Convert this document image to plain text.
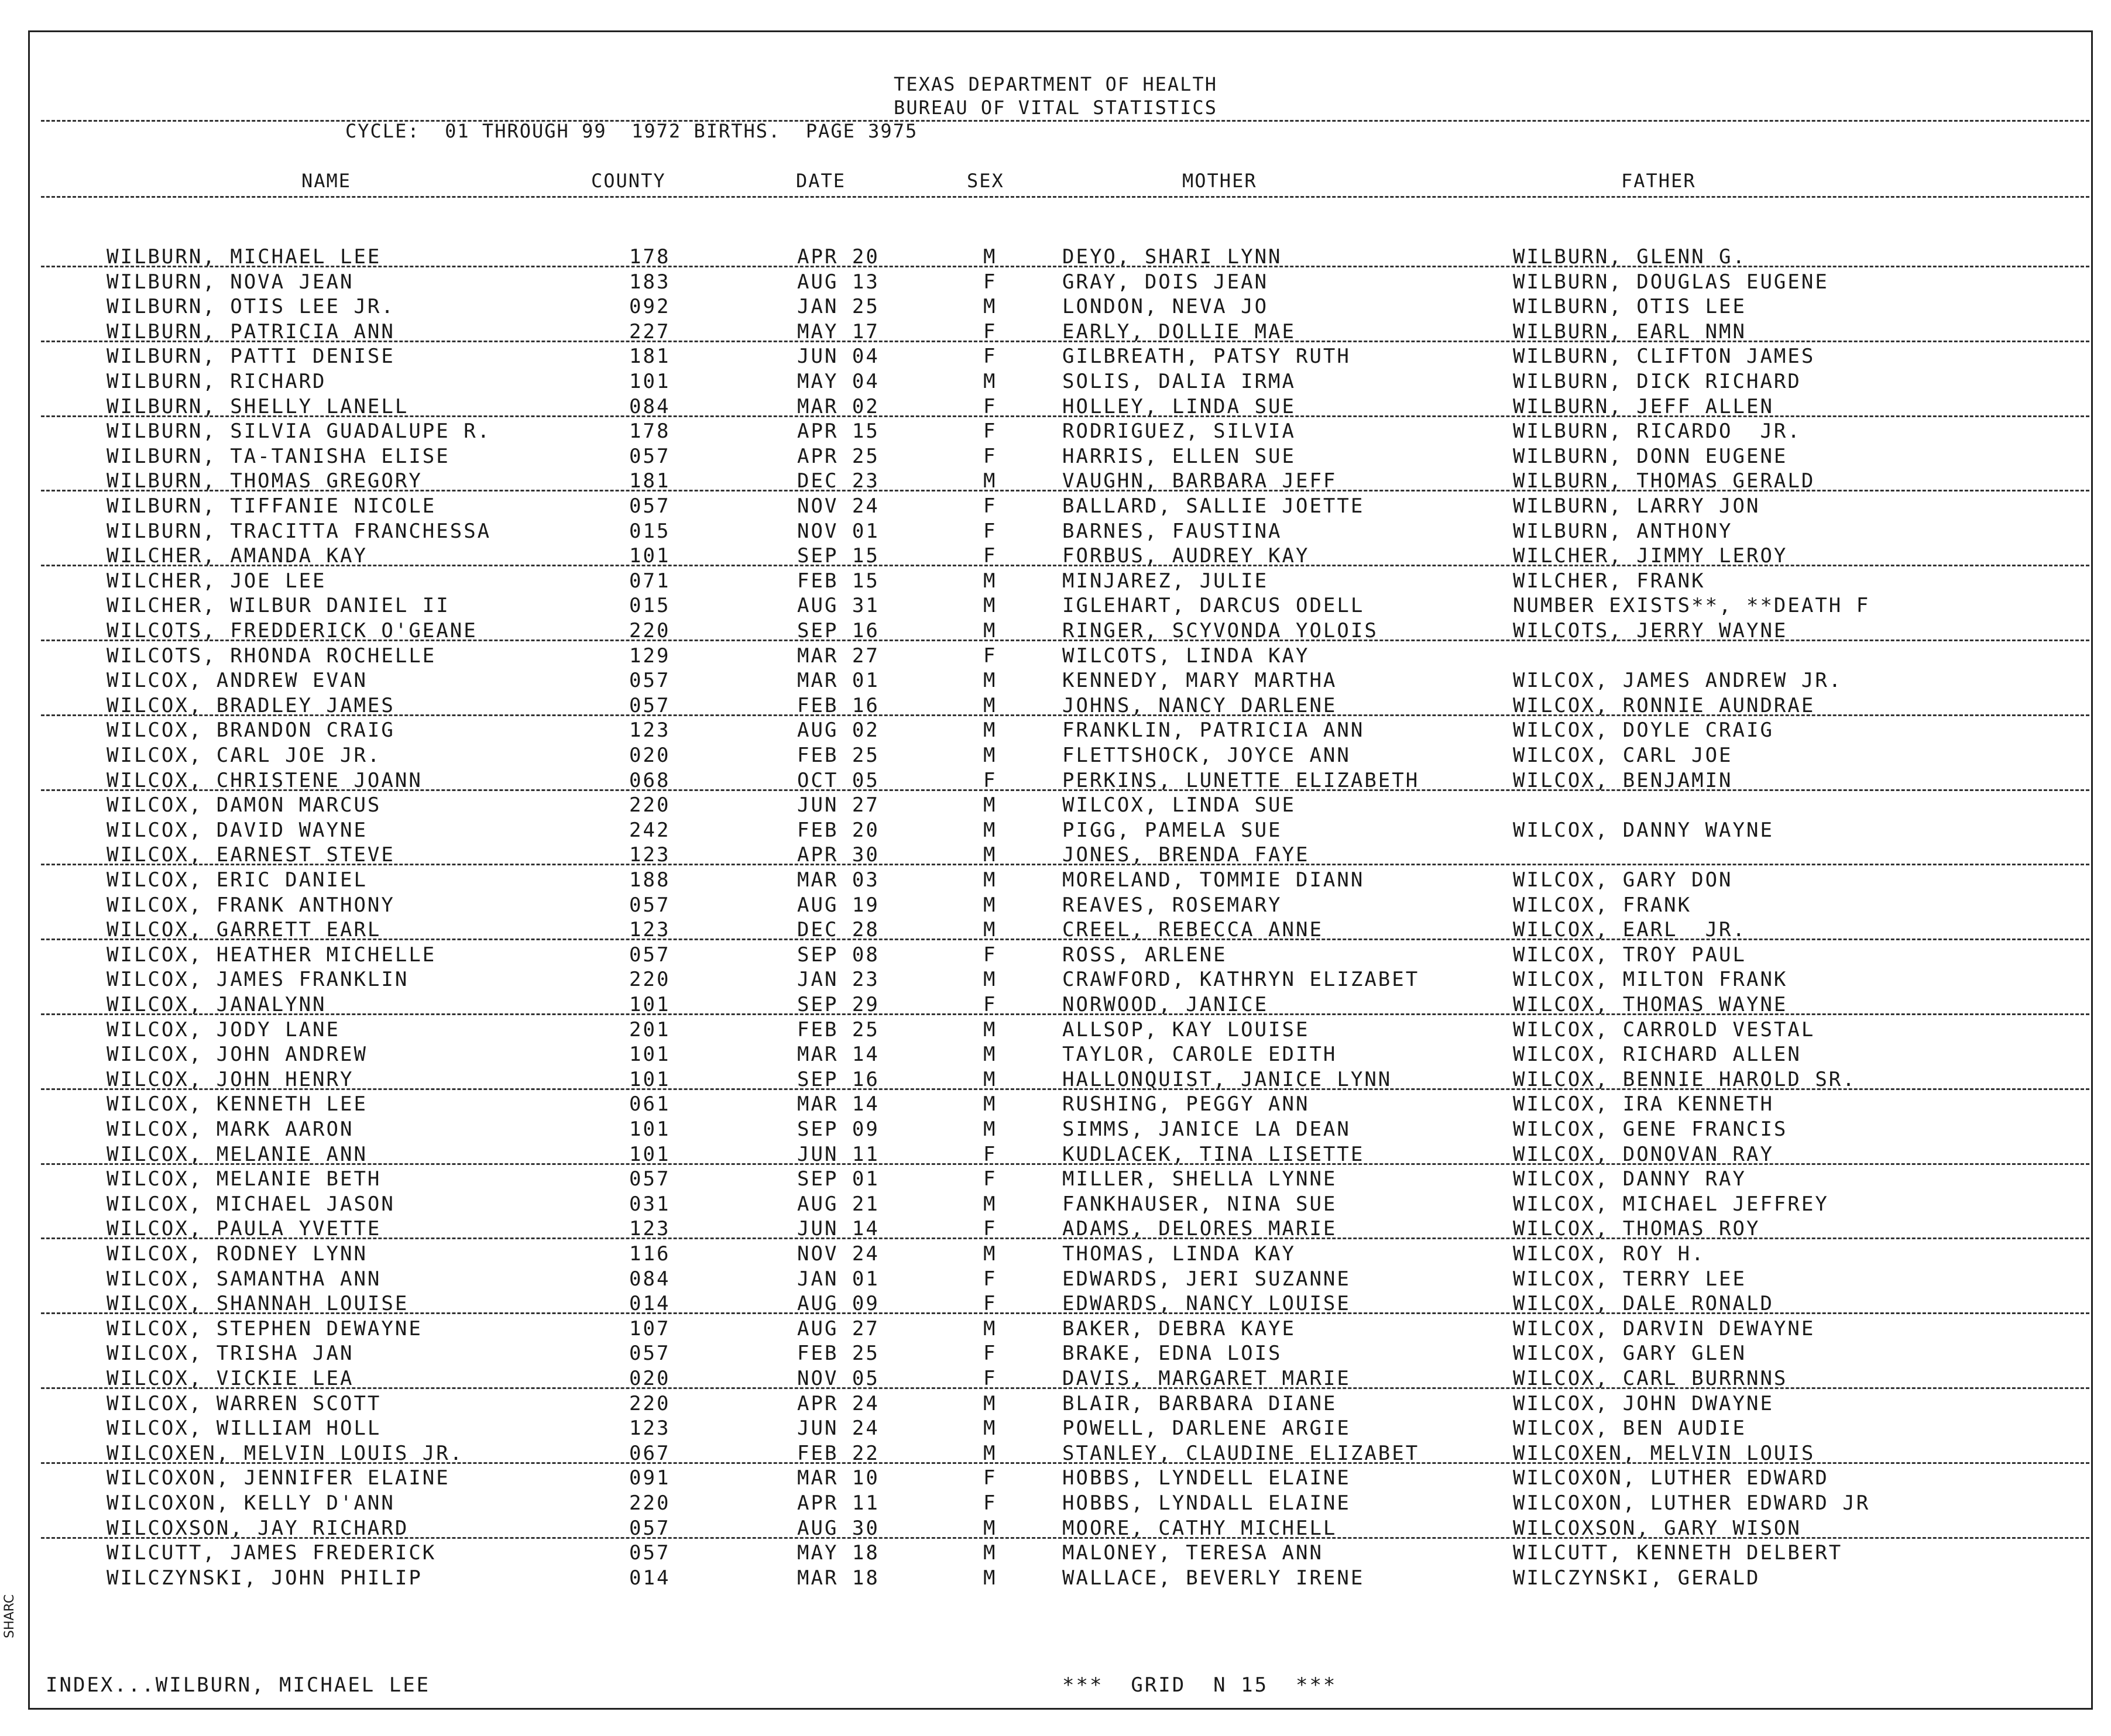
TEXAS DEPARTMENT OF HEALTH
BUREAU OF VITAL STATISTICS
CYCLE:  01 THROUGH 99  1972 BIRTHS.  PAGE 3975
NAME	COUNTY	DATE	SEX	MOTHER	FATHER
WILBURN, MICHAEL LEE	178	APR 20	M	DEYO, SHARI LYNN	WILBURN, GLENN G.
WILBURN, NOVA JEAN	183	AUG 13	F	GRAY, DOIS JEAN	WILBURN, DOUGLAS EUGENE
WILBURN, OTIS LEE JR.	092	JAN 25	M	LONDON, NEVA JO	WILBURN, OTIS LEE
WILBURN, PATRICIA ANN	227	MAY 17	F	EARLY, DOLLIE MAE	WILBURN, EARL NMN
WILBURN, PATTI DENISE	181	JUN 04	F	GILBREATH, PATSY RUTH	WILBURN, CLIFTON JAMES
WILBURN, RICHARD	101	MAY 04	M	SOLIS, DALIA IRMA	WILBURN, DICK RICHARD
WILBURN, SHELLY LANELL	084	MAR 02	F	HOLLEY, LINDA SUE	WILBURN, JEFF ALLEN
WILBURN, SILVIA GUADALUPE R.	178	APR 15	F	RODRIGUEZ, SILVIA	WILBURN, RICARDO  JR.
WILBURN, TA-TANISHA ELISE	057	APR 25	F	HARRIS, ELLEN SUE	WILBURN, DONN EUGENE
WILBURN, THOMAS GREGORY	181	DEC 23	M	VAUGHN, BARBARA JEFF	WILBURN, THOMAS GERALD
WILBURN, TIFFANIE NICOLE	057	NOV 24	F	BALLARD, SALLIE JOETTE	WILBURN, LARRY JON
WILBURN, TRACITTA FRANCHESSA	015	NOV 01	F	BARNES, FAUSTINA	WILBURN, ANTHONY
WILCHER, AMANDA KAY	101	SEP 15	F	FORBUS, AUDREY KAY	WILCHER, JIMMY LEROY
WILCHER, JOE LEE	071	FEB 15	M	MINJAREZ, JULIE	WILCHER, FRANK
WILCHER, WILBUR DANIEL II	015	AUG 31	M	IGLEHART, DARCUS ODELL	NUMBER EXISTS**, **DEATH F
WILCOTS, FREDDERICK O'GEANE	220	SEP 16	M	RINGER, SCYVONDA YOLOIS	WILCOTS, JERRY WAYNE
WILCOTS, RHONDA ROCHELLE	129	MAR 27	F	WILCOTS, LINDA KAY
WILCOX, ANDREW EVAN	057	MAR 01	M	KENNEDY, MARY MARTHA	WILCOX, JAMES ANDREW JR.
WILCOX, BRADLEY JAMES	057	FEB 16	M	JOHNS, NANCY DARLENE	WILCOX, RONNIE AUNDRAE
WILCOX, BRANDON CRAIG	123	AUG 02	M	FRANKLIN, PATRICIA ANN	WILCOX, DOYLE CRAIG
WILCOX, CARL JOE JR.	020	FEB 25	M	FLETTSHOCK, JOYCE ANN	WILCOX, CARL JOE
WILCOX, CHRISTENE JOANN	068	OCT 05	F	PERKINS, LUNETTE ELIZABETH	WILCOX, BENJAMIN
WILCOX, DAMON MARCUS	220	JUN 27	M	WILCOX, LINDA SUE
WILCOX, DAVID WAYNE	242	FEB 20	M	PIGG, PAMELA SUE	WILCOX, DANNY WAYNE
WILCOX, EARNEST STEVE	123	APR 30	M	JONES, BRENDA FAYE
WILCOX, ERIC DANIEL	188	MAR 03	M	MORELAND, TOMMIE DIANN	WILCOX, GARY DON
WILCOX, FRANK ANTHONY	057	AUG 19	M	REAVES, ROSEMARY	WILCOX, FRANK
WILCOX, GARRETT EARL	123	DEC 28	M	CREEL, REBECCA ANNE	WILCOX, EARL  JR.
WILCOX, HEATHER MICHELLE	057	SEP 08	F	ROSS, ARLENE	WILCOX, TROY PAUL
WILCOX, JAMES FRANKLIN	220	JAN 23	M	CRAWFORD, KATHRYN ELIZABET	WILCOX, MILTON FRANK
WILCOX, JANALYNN	101	SEP 29	F	NORWOOD, JANICE	WILCOX, THOMAS WAYNE
WILCOX, JODY LANE	201	FEB 25	M	ALLSOP, KAY LOUISE	WILCOX, CARROLD VESTAL
WILCOX, JOHN ANDREW	101	MAR 14	M	TAYLOR, CAROLE EDITH	WILCOX, RICHARD ALLEN
WILCOX, JOHN HENRY	101	SEP 16	M	HALLONQUIST, JANICE LYNN	WILCOX, BENNIE HAROLD SR.
WILCOX, KENNETH LEE	061	MAR 14	M	RUSHING, PEGGY ANN	WILCOX, IRA KENNETH
WILCOX, MARK AARON	101	SEP 09	M	SIMMS, JANICE LA DEAN	WILCOX, GENE FRANCIS
WILCOX, MELANIE ANN	101	JUN 11	F	KUDLACEK, TINA LISETTE	WILCOX, DONOVAN RAY
WILCOX, MELANIE BETH	057	SEP 01	F	MILLER, SHELLA LYNNE	WILCOX, DANNY RAY
WILCOX, MICHAEL JASON	031	AUG 21	M	FANKHAUSER, NINA SUE	WILCOX, MICHAEL JEFFREY
WILCOX, PAULA YVETTE	123	JUN 14	F	ADAMS, DELORES MARIE	WILCOX, THOMAS ROY
WILCOX, RODNEY LYNN	116	NOV 24	M	THOMAS, LINDA KAY	WILCOX, ROY H.
WILCOX, SAMANTHA ANN	084	JAN 01	F	EDWARDS, JERI SUZANNE	WILCOX, TERRY LEE
WILCOX, SHANNAH LOUISE	014	AUG 09	F	EDWARDS, NANCY LOUISE	WILCOX, DALE RONALD
WILCOX, STEPHEN DEWAYNE	107	AUG 27	M	BAKER, DEBRA KAYE	WILCOX, DARVIN DEWAYNE
WILCOX, TRISHA JAN	057	FEB 25	F	BRAKE, EDNA LOIS	WILCOX, GARY GLEN
WILCOX, VICKIE LEA	020	NOV 05	F	DAVIS, MARGARET MARIE	WILCOX, CARL BURRNNS
WILCOX, WARREN SCOTT	220	APR 24	M	BLAIR, BARBARA DIANE	WILCOX, JOHN DWAYNE
WILCOX, WILLIAM HOLL	123	JUN 24	M	POWELL, DARLENE ARGIE	WILCOX, BEN AUDIE
WILCOXEN, MELVIN LOUIS JR.	067	FEB 22	M	STANLEY, CLAUDINE ELIZABET	WILCOXEN, MELVIN LOUIS
WILCOXON, JENNIFER ELAINE	091	MAR 10	F	HOBBS, LYNDELL ELAINE	WILCOXON, LUTHER EDWARD
WILCOXON, KELLY D'ANN	220	APR 11	F	HOBBS, LYNDALL ELAINE	WILCOXON, LUTHER EDWARD JR
WILCOXSON, JAY RICHARD	057	AUG 30	M	MOORE, CATHY MICHELL	WILCOXSON, GARY WISON
WILCUTT, JAMES FREDERICK	057	MAY 18	M	MALONEY, TERESA ANN	WILCUTT, KENNETH DELBERT
WILCZYNSKI, JOHN PHILIP	014	MAR 18	M	WALLACE, BEVERLY IRENE	WILCZYNSKI, GERALD
INDEX...WILBURN, MICHAEL LEE	***  GRID  N 15  ***
SHARC
